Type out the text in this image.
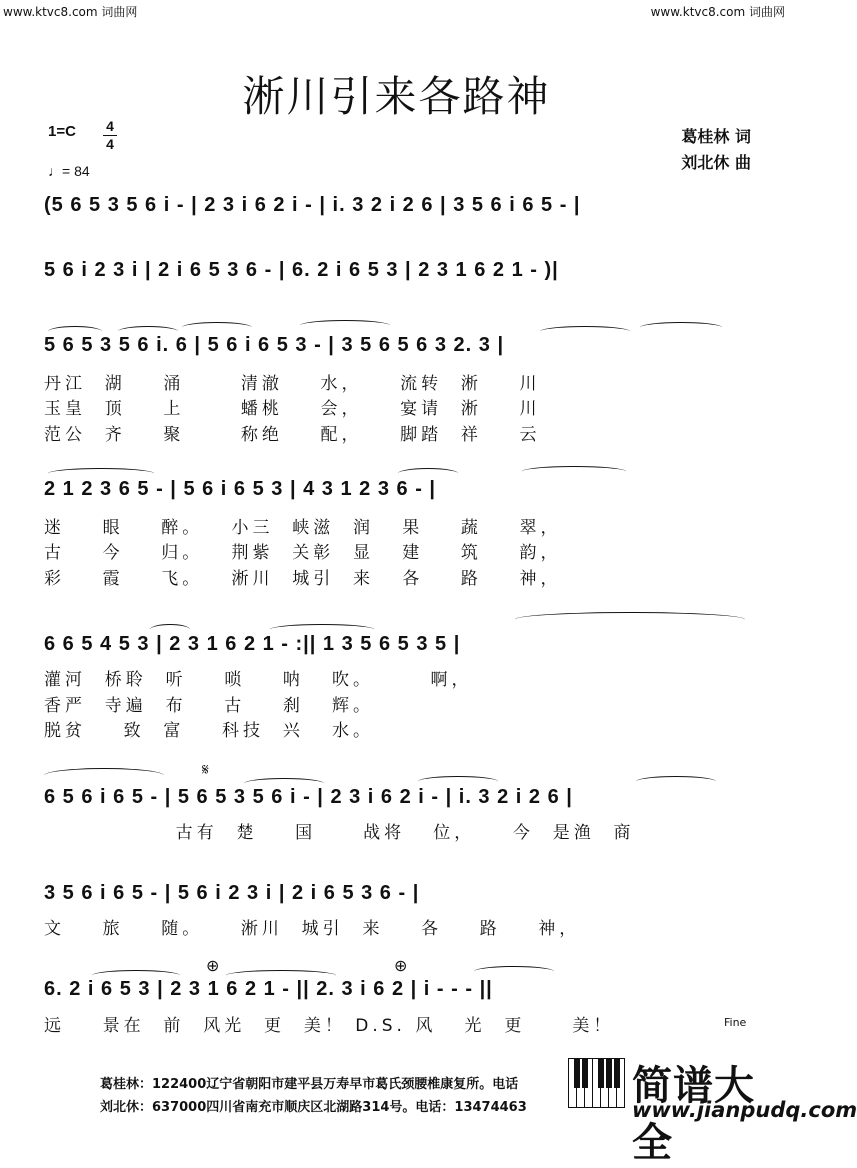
www.ktvc8.com 词曲网	www.ktvc8.com 词曲网
淅川引来各路神
1=C 4
4
♩= 84
葛桂林 词
刘北休 曲
(5 6 5 3 5 6 i - | 2 3 i 6 2 i - | i. 3 2 i 2 6 | 3 5 6 i 6 5 - |
5 6 i 2 3 i | 2 i 6 5 3 6 - | 6. 2 i 6 5 3 | 2 3 1 6 2 1 - )|
5 6 5 3 5 6 i. 6 | 5 6 i 6 5 3 - | 3 5 6 5 6 3 2. 3 |
丹江  湖    涌      清澈    水，    流转  淅    川
玉皇  顶    上      蟠桃    会，    宴请  淅    川
范公  齐    聚      称绝    配，    脚踏  祥    云
2 1 2 3 6 5 - | 5 6 i 6 5 3 | 4 3 1 2 3 6 - |
迷    眼    醉。   小三  峡滋  润   果    蔬    翠，
古    今    归。   荆紫  关彰  显   建    筑    韵，
彩    霞    飞。   淅川  城引  来   各    路    神，
6 6 5 4 5 3 | 2 3 1 6 2 1 - :|| 1 3 5 6 5 3 5 |
灌河  桥聆  听    唢    呐   吹。      啊，
香严  寺遍  布    古    刹   辉。
脱贫    致  富    科技  兴   水。
𝄋
6 5 6 i 6 5 - | 5 6 5 3 5 6 i - | 2 3 i 6 2 i - | i. 3 2 i 2 6 |
古有  楚    国     战将   位，    今  是渔  商
3 5 6 i 6 5 - | 5 6 i 2 3 i | 2 i 6 5 3 6 - |
文    旅    随。    淅川  城引  来    各    路    神，
⊕	⊕
6. 2 i 6 5 3 | 2 3 1 6 2 1 - || 2. 3 i 6 2 | i - - - ||
远    景在  前  风光  更  美！ D.S. 风   光  更     美！	Fine
葛桂林：122400辽宁省朝阳市建平县万寿早市葛氏颈腰椎康复所。电话
刘北休：637000四川省南充市顺庆区北湖路314号。电话：13474463	简谱大全
www.jianpudq.com
